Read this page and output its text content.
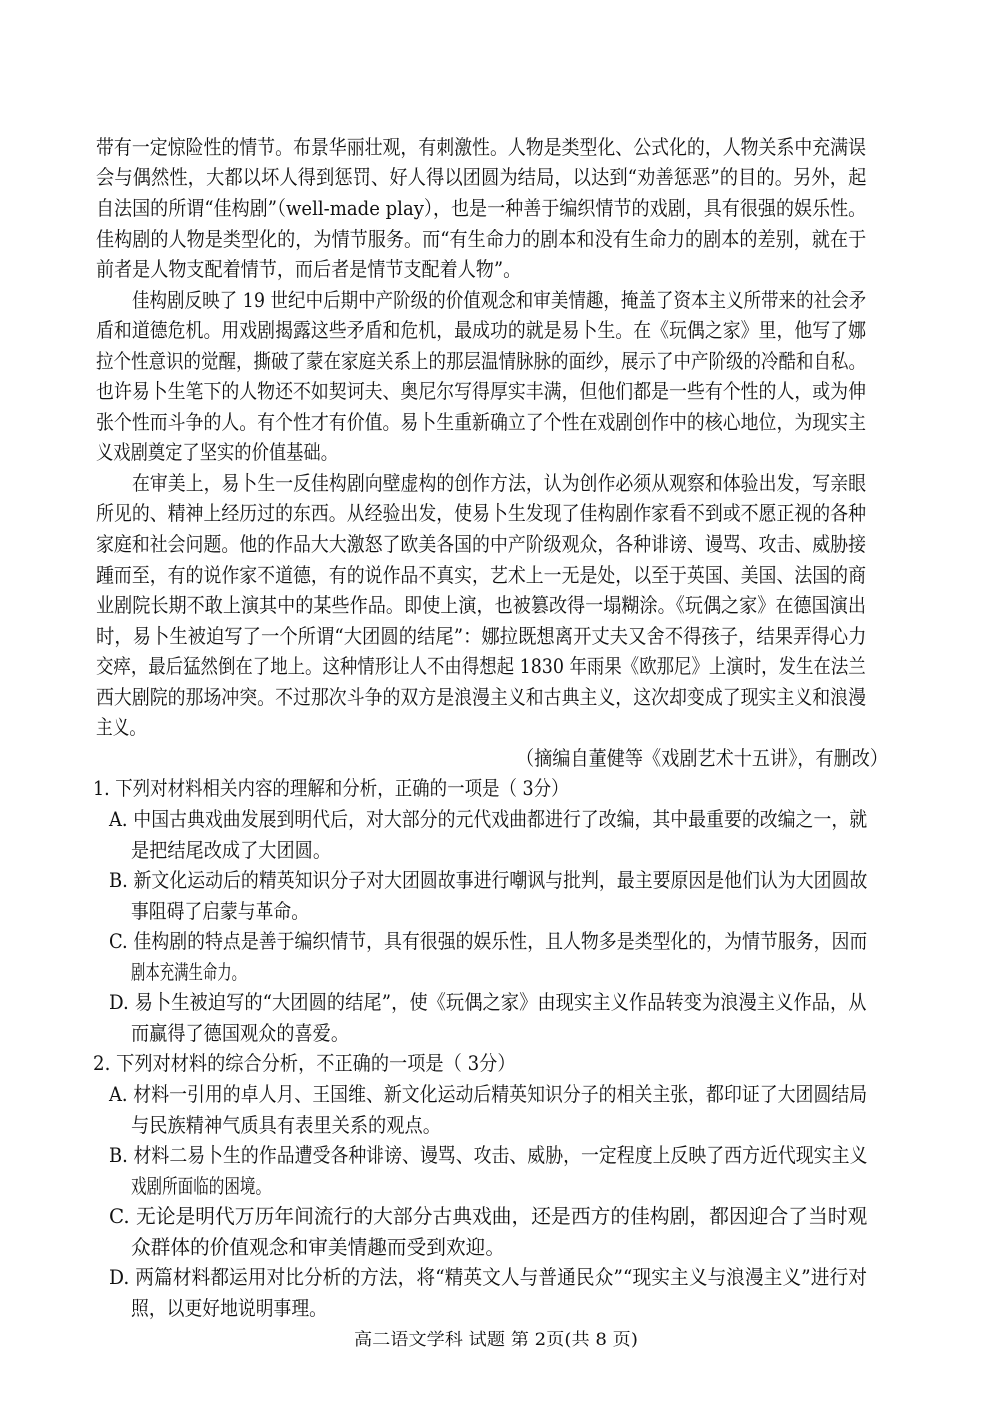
带有一定惊险性的情节。布景华丽壮观，有刺激性。人物是类型化、公式化的，人物关系中充满误
会与偶然性，大都以坏人得到惩罚、好人得以团圆为结局，以达到“劝善惩恶”的目的。另外，起
自法国的所谓“佳构剧”（well-made play），也是一种善于编织情节的戏剧，具有很强的娱乐性。
佳构剧的人物是类型化的，为情节服务。而“有生命力的剧本和没有生命力的剧本的差别，就在于
前者是人物支配着情节，而后者是情节支配着人物”。
佳构剧反映了 19 世纪中后期中产阶级的价值观念和审美情趣，掩盖了资本主义所带来的社会矛
盾和道德危机。用戏剧揭露这些矛盾和危机，最成功的就是易卜生。在《玩偶之家》里，他写了娜
拉个性意识的觉醒，撕破了蒙在家庭关系上的那层温情脉脉的面纱，展示了中产阶级的冷酷和自私。
也许易卜生笔下的人物还不如契诃夫、奥尼尔写得厚实丰满，但他们都是一些有个性的人，或为伸
张个性而斗争的人。有个性才有价值。易卜生重新确立了个性在戏剧创作中的核心地位，为现实主
义戏剧奠定了坚实的价值基础。
在审美上，易卜生一反佳构剧向壁虚构的创作方法，认为创作必须从观察和体验出发，写亲眼
所见的、精神上经历过的东西。从经验出发，使易卜生发现了佳构剧作家看不到或不愿正视的各种
家庭和社会问题。他的作品大大激怒了欧美各国的中产阶级观众，各种诽谤、谩骂、攻击、威胁接
踵而至，有的说作家不道德，有的说作品不真实，艺术上一无是处，以至于英国、美国、法国的商
业剧院长期不敢上演其中的某些作品。即使上演，也被篡改得一塌糊涂。《玩偶之家》在德国演出
时，易卜生被迫写了一个所谓“大团圆的结尾”：娜拉既想离开丈夫又舍不得孩子，结果弄得心力
交瘁，最后猛然倒在了地上。这种情形让人不由得想起 1830 年雨果《欧那尼》上演时，发生在法兰
西大剧院的那场冲突。不过那次斗争的双方是浪漫主义和古典主义，这次却变成了现实主义和浪漫
主义。
（摘编自董健等《戏剧艺术十五讲》，有删改）
1. 下列对材料相关内容的理解和分析，正确的一项是（ 3分）
A. 中国古典戏曲发展到明代后，对大部分的元代戏曲都进行了改编，其中最重要的改编之一，就
是把结尾改成了大团圆。
B. 新文化运动后的精英知识分子对大团圆故事进行嘲讽与批判，最主要原因是他们认为大团圆故
事阻碍了启蒙与革命。
C. 佳构剧的特点是善于编织情节，具有很强的娱乐性，且人物多是类型化的，为情节服务，因而
剧本充满生命力。
D. 易卜生被迫写的“大团圆的结尾”，使《玩偶之家》由现实主义作品转变为浪漫主义作品，从
而赢得了德国观众的喜爱。
2. 下列对材料的综合分析，不正确的一项是（ 3分）
A. 材料一引用的卓人月、王国维、新文化运动后精英知识分子的相关主张，都印证了大团圆结局
与民族精神气质具有表里关系的观点。
B. 材料二易卜生的作品遭受各种诽谤、谩骂、攻击、威胁，一定程度上反映了西方近代现实主义
戏剧所面临的困境。
C. 无论是明代万历年间流行的大部分古典戏曲，还是西方的佳构剧，都因迎合了当时观
众群体的价值观念和审美情趣而受到欢迎。
D. 两篇材料都运用对比分析的方法，将“精英文人与普通民众”“现实主义与浪漫主义”进行对
照，以更好地说明事理。
高二语文学科 试题 第 2页(共 8 页)
